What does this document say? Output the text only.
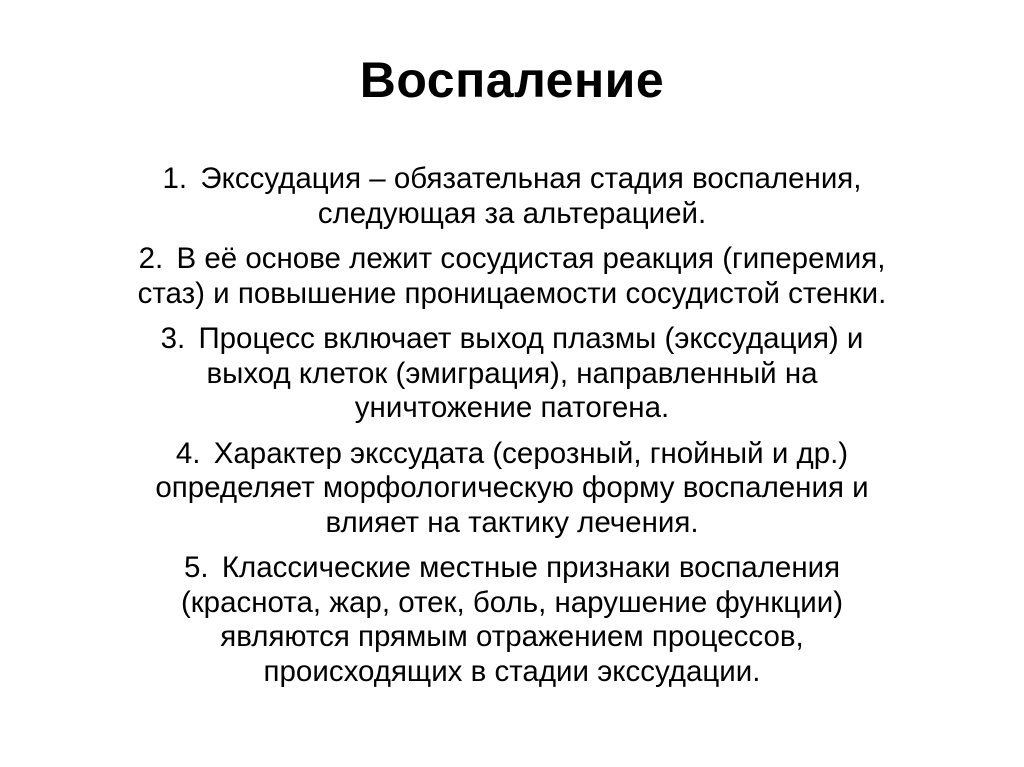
Воспаление
1. Экссудация – обязательная стадия воспаления,
следующая за альтерацией.
2. В её основе лежит сосудистая реакция (гиперемия,
стаз) и повышение проницаемости сосудистой стенки.
3. Процесс включает выход плазмы (экссудация) и
выход клеток (эмиграция), направленный на
уничтожение патогена.
4. Характер экссудата (серозный, гнойный и др.)
определяет морфологическую форму воспаления и
влияет на тактику лечения.
5. Классические местные признаки воспаления
(краснота, жар, отек, боль, нарушение функции)
являются прямым отражением процессов,
происходящих в стадии экссудации.
